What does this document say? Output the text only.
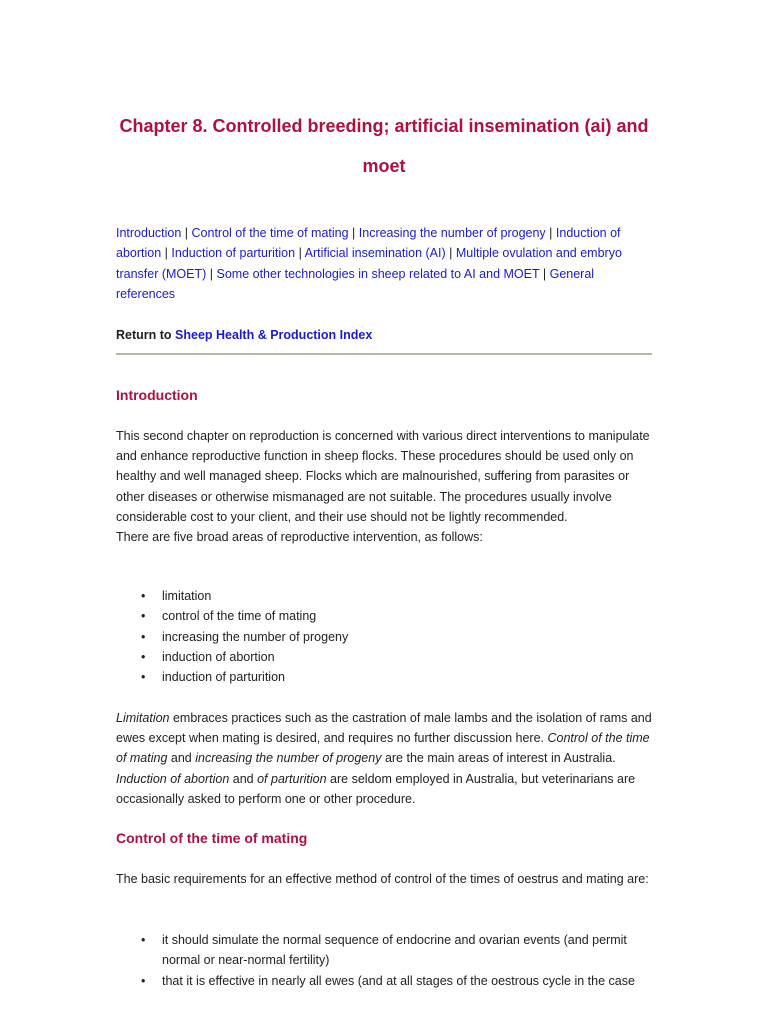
Chapter 8. Controlled breeding; artificial insemination (ai) and moet
Introduction | Control of the time of mating | Increasing the number of progeny | Induction of abortion | Induction of parturition | Artificial insemination (AI) | Multiple ovulation and embryo transfer (MOET) | Some other technologies in sheep related to AI and MOET | General references
Return to Sheep Health & Production Index
Introduction
This second chapter on reproduction is concerned with various direct interventions to manipulate and enhance reproductive function in sheep flocks. These procedures should be used only on healthy and well managed sheep. Flocks which are malnourished, suffering from parasites or other diseases or otherwise mismanaged are not suitable. The procedures usually involve considerable cost to your client, and their use should not be lightly recommended.
There are five broad areas of reproductive intervention, as follows:
• limitation
• control of the time of mating
• increasing the number of progeny
• induction of abortion
• induction of parturition
Limitation embraces practices such as the castration of male lambs and the isolation of rams and ewes except when mating is desired, and requires no further discussion here. Control of the time of mating and increasing the number of progeny are the main areas of interest in Australia. Induction of abortion and of parturition are seldom employed in Australia, but veterinarians are occasionally asked to perform one or other procedure.
Control of the time of mating
The basic requirements for an effective method of control of the times of oestrus and mating are:
• it should simulate the normal sequence of endocrine and ovarian events (and permit normal or near-normal fertility)
• that it is effective in nearly all ewes (and at all stages of the oestrous cycle in the case
